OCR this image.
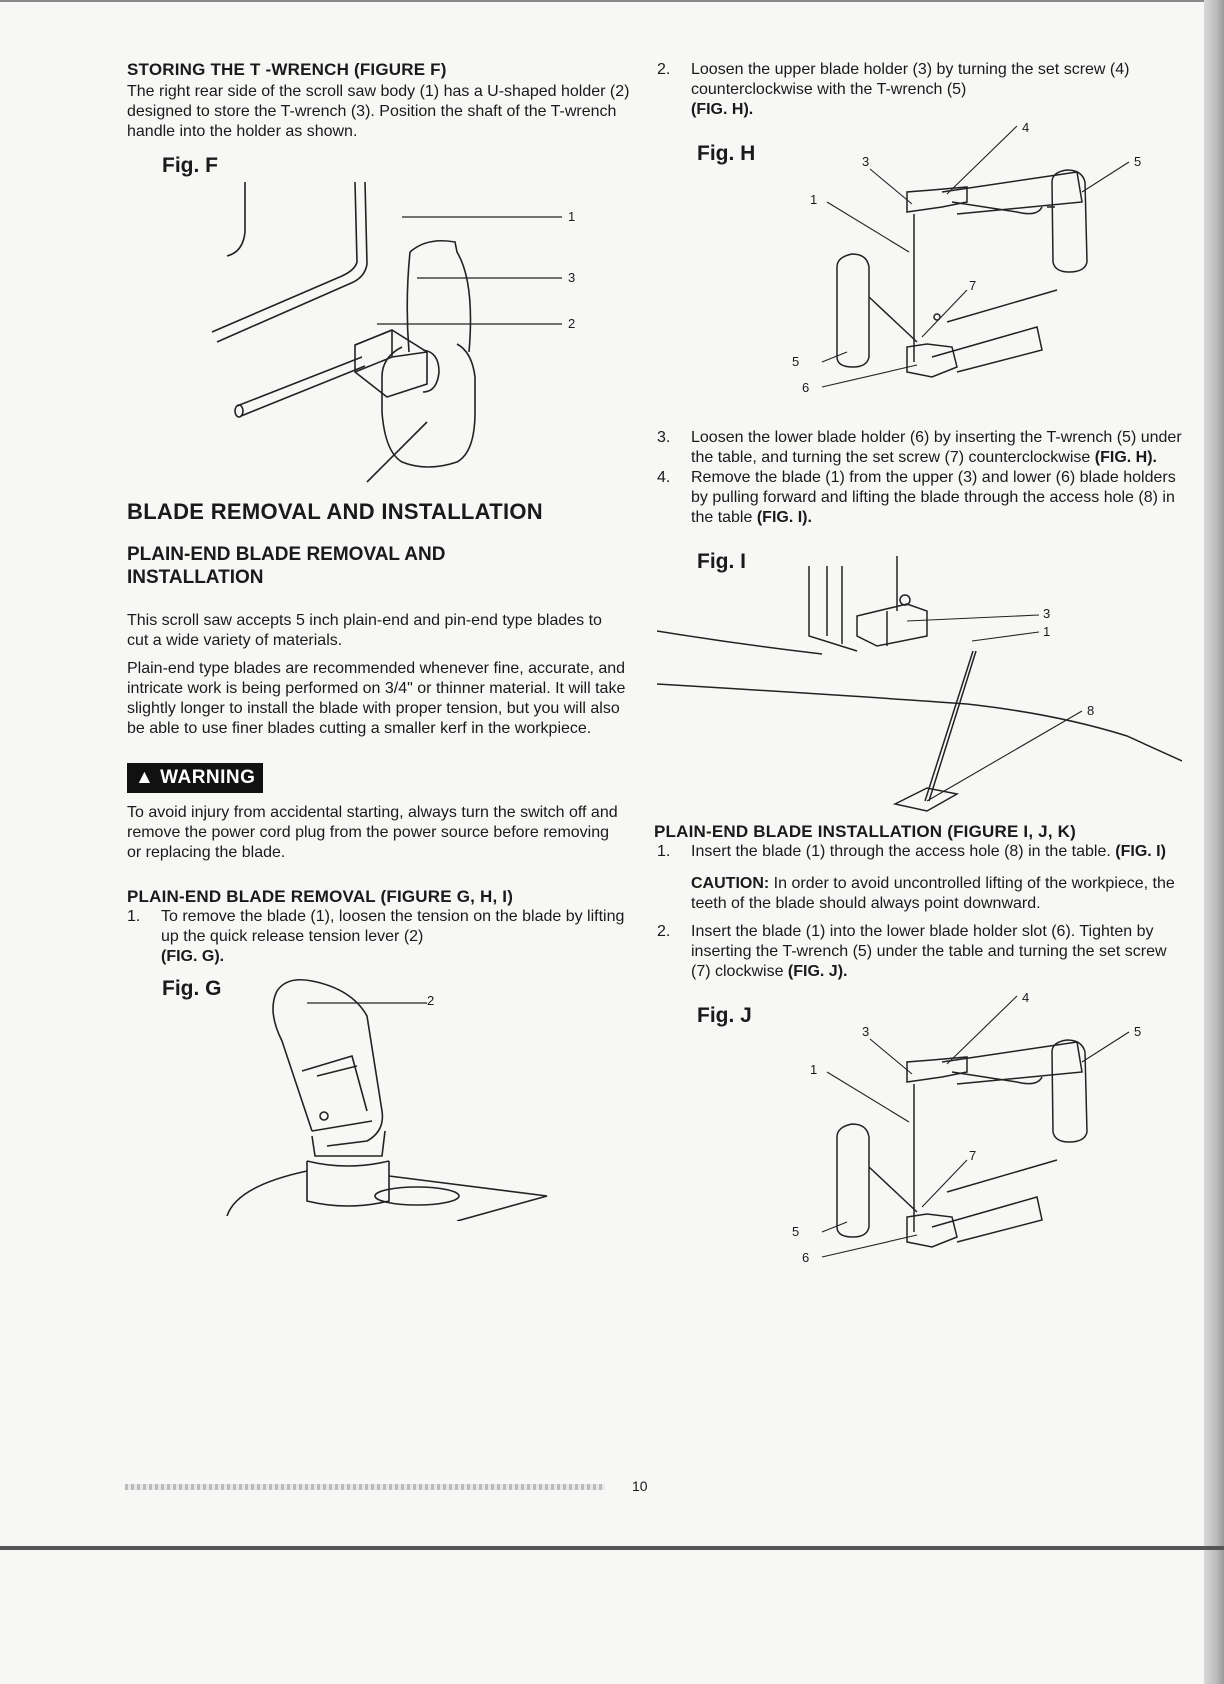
STORING THE T -WRENCH (FIGURE F)

The right rear side of the scroll saw body (1) has a U-shaped holder (2) designed to store the T-wrench (3). Position the shaft of the T-wrench handle into the holder as shown.

Fig. F
1
3
2
BLADE REMOVAL AND INSTALLATION
PLAIN-END BLADE REMOVAL AND INSTALLATION

This scroll saw accepts 5 inch plain-end and pin-end type blades to cut a wide variety of materials.

Plain-end type blades are recommended whenever fine, accurate, and intricate work is being performed on 3/4" or thinner material. It will take slightly longer to install the blade with proper tension, but you will also be able to use finer blades cutting a smaller kerf in the workpiece.

▲ WARNING

To avoid injury from accidental starting, always turn the switch off and remove the power cord plug from the power source before removing or replacing the blade.

PLAIN-END BLADE REMOVAL (FIGURE G, H, I)

1. To remove the blade (1), loosen the tension on the blade by lifting up the quick release tension lever (2)
(FIG. G).
Fig. G
2
2. Loosen the upper blade holder (3) by turning the set screw (4) counterclockwise with the T-wrench (5)
(FIG. H).
Fig. H	3
4
5
1
7
5
6
3. Loosen the lower blade holder (6) by inserting the T-wrench (5) under the table, and turning the set screw (7) counterclockwise (FIG. H).
4. Remove the blade (1) from the upper (3) and lower (6) blade holders by pulling forward and lifting the blade through the access hole (8) in the table (FIG. I).
Fig. I
3
1
8

PLAIN-END BLADE INSTALLATION (FIGURE I, J, K)

1. Insert the blade (1) through the access hole (8) in the table. (FIG. I)
CAUTION: In order to avoid uncontrolled lifting of the workpiece, the teeth of the blade should always point downward.
2. Insert the blade (1) into the lower blade holder slot (6). Tighten by inserting the T-wrench (5) under the table and turning the set screw (7) clockwise (FIG. J).
Fig. J
3
4
5
1
7
5
6
10
